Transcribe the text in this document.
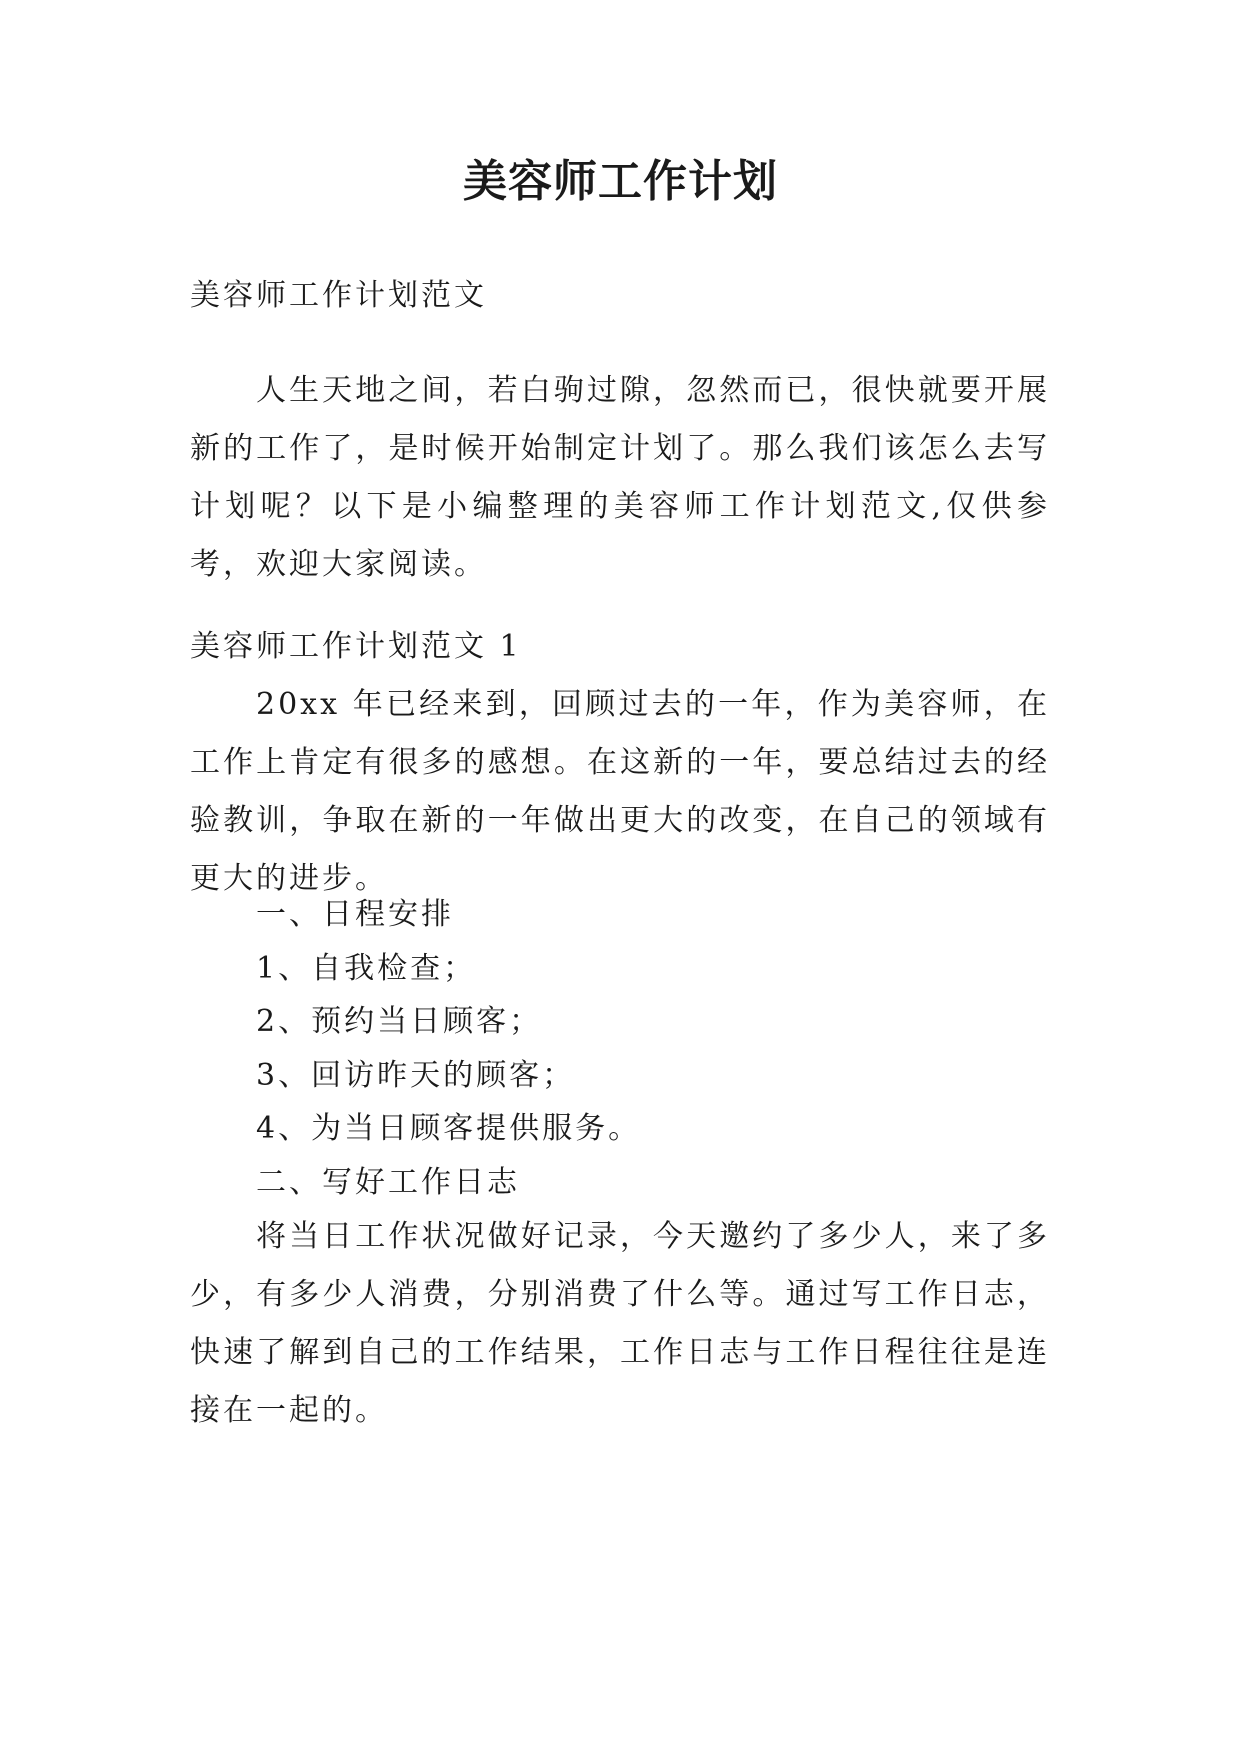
美容师工作计划
美容师工作计划范文
人生天地之间，若白驹过隙，忽然而已，很快就要开展新的工作了，是时候开始制定计划了。那么我们该怎么去写计划呢？以下是小编整理的美容师工作计划范文,仅供参考，欢迎大家阅读。
美容师工作计划范文 1
20xx 年已经来到，回顾过去的一年，作为美容师，在工作上肯定有很多的感想。在这新的一年，要总结过去的经验教训，争取在新的一年做出更大的改变，在自己的领域有更大的进步。
一、日程安排
1、自我检查；
2、预约当日顾客；
3、回访昨天的顾客；
4、为当日顾客提供服务。
二、写好工作日志
将当日工作状况做好记录，今天邀约了多少人，来了多少，有多少人消费，分别消费了什么等。通过写工作日志，快速了解到自己的工作结果，工作日志与工作日程往往是连接在一起的。
